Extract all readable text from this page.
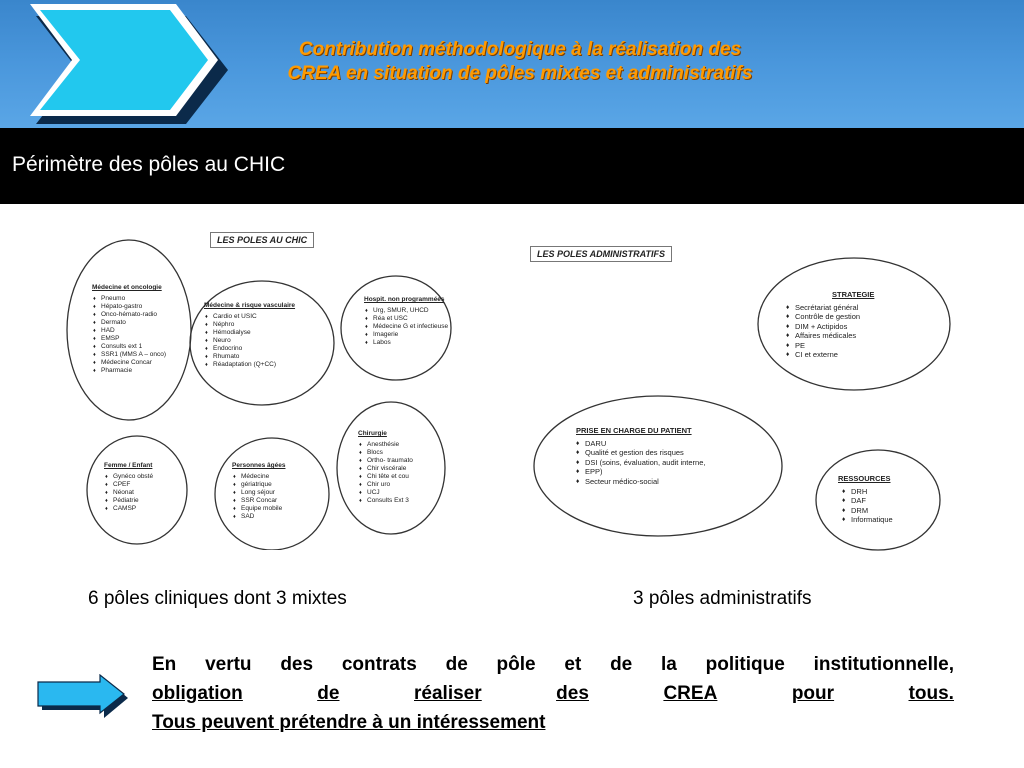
Contribution méthodologique à la réalisation des
CREA en situation de pôles mixtes et administratifs
Périmètre des pôles au CHIC
LES POLES AU CHIC
Médecine et oncologie
♦ Pneumo
♦ Hépato-gastro
♦ Onco-hémato-radio
♦ Dermato
♦ HAD
♦ EMSP
♦ Consults ext 1
♦ SSR1 (MMS A – onco)
♦ Médecine Concar
♦ Pharmacie
Médecine & risque vasculaire
♦ Cardio et USIC
♦ Néphro
♦ Hémodialyse
♦ Neuro
♦ Endocrino
♦ Rhumato
♦ Réadaptation (Q+CC)
Hospit. non programmées
♦ Urg, SMUR, UHCD
♦ Réa et USC
♦ Médecine G et infectieuse
♦ Imagerie
♦ Labos
Chirurgie
♦ Anesthésie
♦ Blocs
♦ Ortho- traumato
♦ Chir viscérale
♦ Chi tête et cou
♦ Chir uro
♦ UCJ
♦ Consults Ext 3
Femme / Enfant
♦ Gynéco obsté
♦ CPEF
♦ Néonat
♦ Pédiatrie
♦ CAMSP
Personnes âgées
♦ Médecine
♦ gériatrique
♦ Long séjour
♦ SSR Concar
♦ Equipe mobile
♦ SAD
LES POLES ADMINISTRATIFS
STRATEGIE
♦ Secrétariat général
♦ Contrôle de gestion
♦ DIM + Actipidos
♦ Affaires médicales
♦ PE
♦ CI et externe
PRISE EN CHARGE DU PATIENT
♦ DARU
♦ Qualité et gestion des risques
♦ DSI (soins, évaluation, audit interne,
♦ EPP)
♦ Secteur médico-social	RESSOURCES
♦ DRH
♦ DAF
♦ DRM
♦ Informatique
6 pôles cliniques dont 3 mixtes	3 pôles administratifs
En vertu des contrats de pôle et de la politique institutionnelle,
obligation	de	réaliser	des	CREA	pour	tous.
Tous peuvent prétendre à un intéressement
